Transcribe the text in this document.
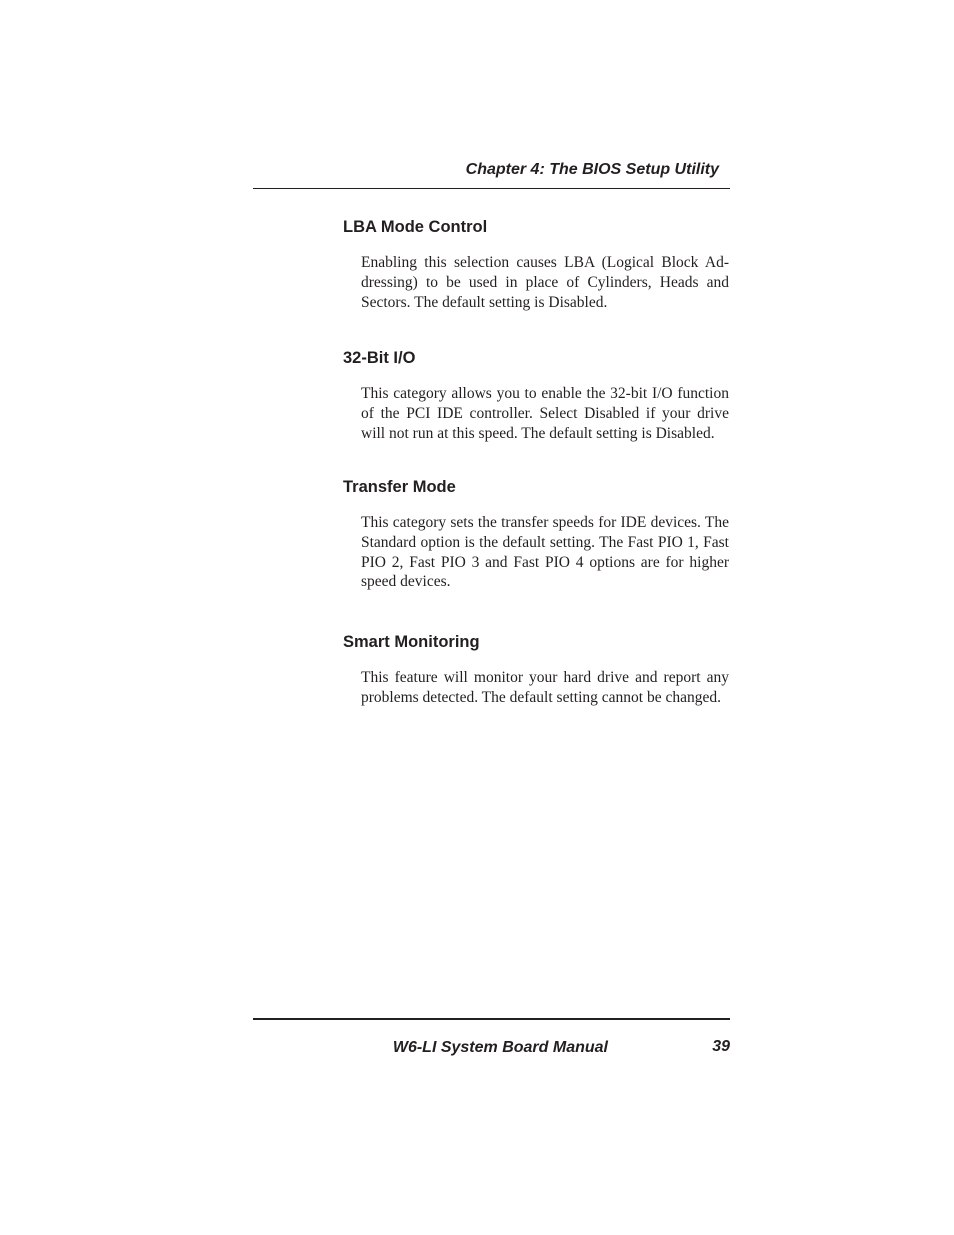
Chapter 4: The BIOS Setup Utility
LBA Mode Control

Enabling this selection causes LBA (Logical Block Ad-dressing) to be used in place of Cylinders, Heads and Sectors. The default setting is Disabled.

32-Bit I/O

This category allows you to enable the 32-bit I/O function of the PCI IDE controller. Select Disabled if your drive will not run at this speed. The default setting is Disabled.

Transfer Mode

This category sets the transfer speeds for IDE devices. The Standard option is the default setting. The Fast PIO 1, Fast PIO 2, Fast PIO 3 and Fast PIO 4 options are for higher speed devices.

Smart Monitoring

This feature will monitor your hard drive and report any problems detected. The default setting cannot be changed.

W6-LI System Board Manual	39
